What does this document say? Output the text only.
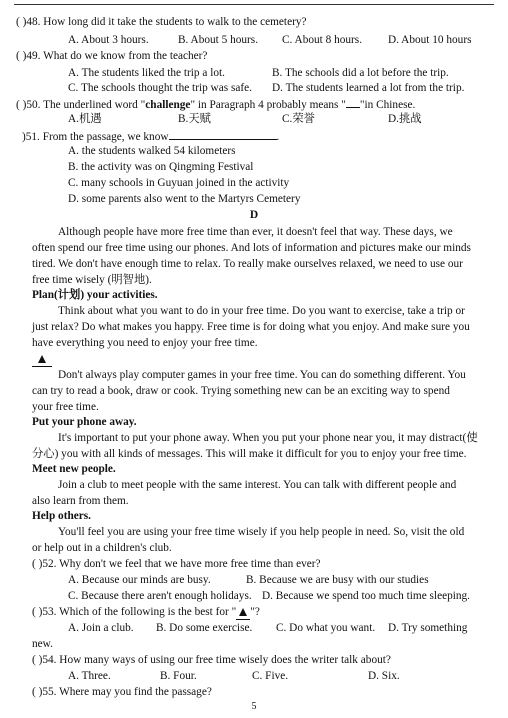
( )48. How long did it take the students to walk to the cemetery?
A. About 3 hours.	B. About 5 hours. C. About 8 hours. D. About 10 hours
( )49. What do we know from the teacher?
A. The students liked the trip a lot.	B. The schools did a lot before the trip.
C. The schools thought the trip was safe. D. The students learned a lot from the trip.
( )50. The underlined word "challenge" in Paragraph 4 probably means " "in Chinese.
A.机遇	B.天赋	C.荣誉	D.挑战
)51. From the passage, we know	.
A. the students walked 54 kilometers
B. the activity was on Qingming Festival
C. many schools in Guyuan joined in the activity
D. some parents also went to the Martyrs Cemetery
D
Although people have more free time than ever, it doesn't feel that way. These days, we
often spend our free time using our phones. And lots of information and pictures make our minds
tired. We don't have enough time to relax. To really make ourselves relaxed, we need to use our
free time wisely (明智地).
Plan(计划) your activities.
Think about what you want to do in your free time. Do you want to exercise, take a trip or
just relax? Do what makes you happy. Free time is for doing what you enjoy. And make sure you
have everything you need to enjoy your free time.
Don't always play computer games in your free time. You can do something different. You
can try to read a book, draw or cook. Trying something new can be an exciting way to spend
your free time.
Put your phone away.
It's important to put your phone away. When you put your phone near you, it may distract(使
分心) you with all kinds of messages. This will make it difficult for you to enjoy your free time.
Meet new people.
Join a club to meet people with the same interest. You can talk with different people and
also learn from them.
Help others.
You'll feel you are using your free time wisely if you help people in need. So, visit the old
or help out in a children's club.
( )52. Why don't we feel that we have more free time than ever?
A. Because our minds are busy.	B. Because we are busy with our studies
C. Because there aren't enough holidays. D. Because we spend too much time sleeping.
( )53. Which of the following is the best for " "?
A. Join a club. B. Do some exercise. C. Do what you want. D. Try something
new.
( )54. How many ways of using our free time wisely does the writer talk about?
A. Three.	B. Four.	C. Five.	D. Six.
( )55. Where may you find the passage?
5
